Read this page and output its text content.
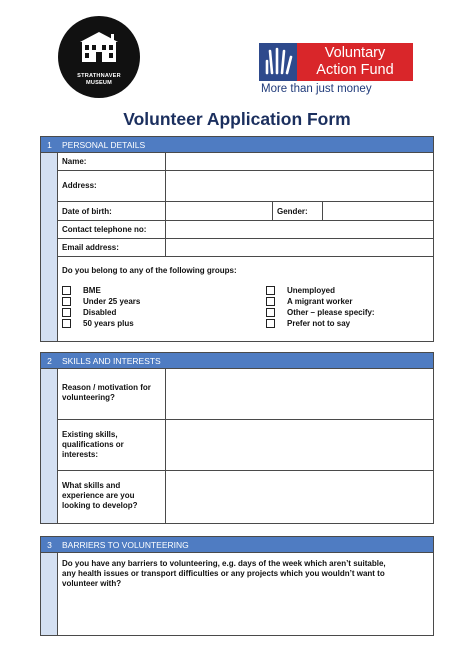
STRATHNAVER
MUSEUM
Voluntary
Action Fund
More than just money
Volunteer Application Form
1	PERSONAL DETAILS
Name:
Address:
Date of birth:	Gender:
Contact telephone no:
Email address:
Do you belong to any of the following groups:
BME
Under 25 years
Disabled
50 years plus
Unemployed
A migrant worker
Other – please specify:
Prefer not to say
2	SKILLS AND INTERESTS
Reason / motivation for
volunteering?
Existing skills,
qualifications or
interests:
What skills and
experience are you
looking to develop?
3	BARRIERS TO VOLUNTEERING
Do you have any barriers to volunteering, e.g. days of the week which aren’t suitable,
any health issues or transport difficulties or any projects which you wouldn’t want to
volunteer with?
